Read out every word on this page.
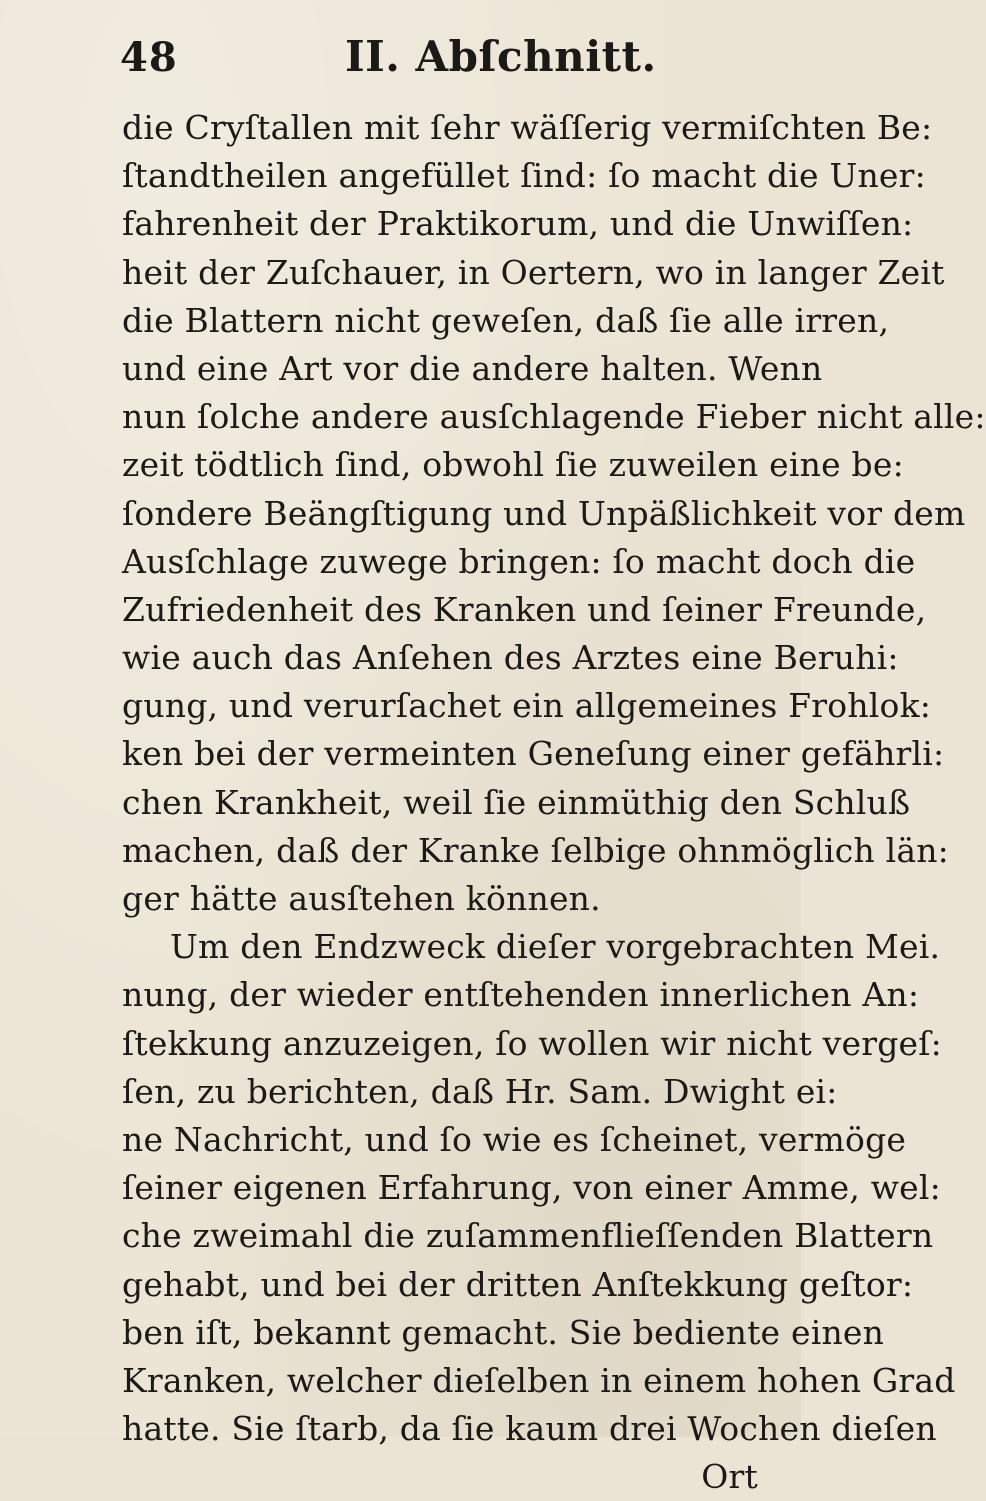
48	II. Abſchnitt.
die Cryſtallen mit ſehr wäſſerig vermiſchten Be:
ſtandtheilen angefüllet ſind: ſo macht die Uner:
fahrenheit der Praktikorum, und die Unwiſſen:
heit der Zuſchauer, in Oertern, wo in langer Zeit
die Blattern nicht geweſen, daß ſie alle irren,
und eine Art vor die andere halten. Wenn
nun ſolche andere ausſchlagende Fieber nicht alle:
zeit tödtlich ſind, obwohl ſie zuweilen eine be:
ſondere Beängſtigung und Unpäßlichkeit vor dem
Ausſchlage zuwege bringen: ſo macht doch die
Zufriedenheit des Kranken und ſeiner Freunde,
wie auch das Anſehen des Arztes eine Beruhi:
gung, und verurſachet ein allgemeines Frohlok:
ken bei der vermeinten Geneſung einer gefährli:
chen Krankheit, weil ſie einmüthig den Schluß
machen, daß der Kranke ſelbige ohnmöglich län:
ger hätte ausſtehen können.
Um den Endzweck dieſer vorgebrachten Mei.
nung, der wieder entſtehenden innerlichen An:
ſtekkung anzuzeigen, ſo wollen wir nicht vergeſ:
ſen, zu berichten, daß Hr. Sam. Dwight ei:
ne Nachricht, und ſo wie es ſcheinet, vermöge
ſeiner eigenen Erfahrung, von einer Amme, wel:
che zweimahl die zuſammenflieſſenden Blattern
gehabt, und bei der dritten Anſtekkung geſtor:
ben iſt, bekannt gemacht. Sie bediente einen
Kranken, welcher dieſelben in einem hohen Grad
hatte. Sie ſtarb, da ſie kaum drei Wochen dieſen
Ort
